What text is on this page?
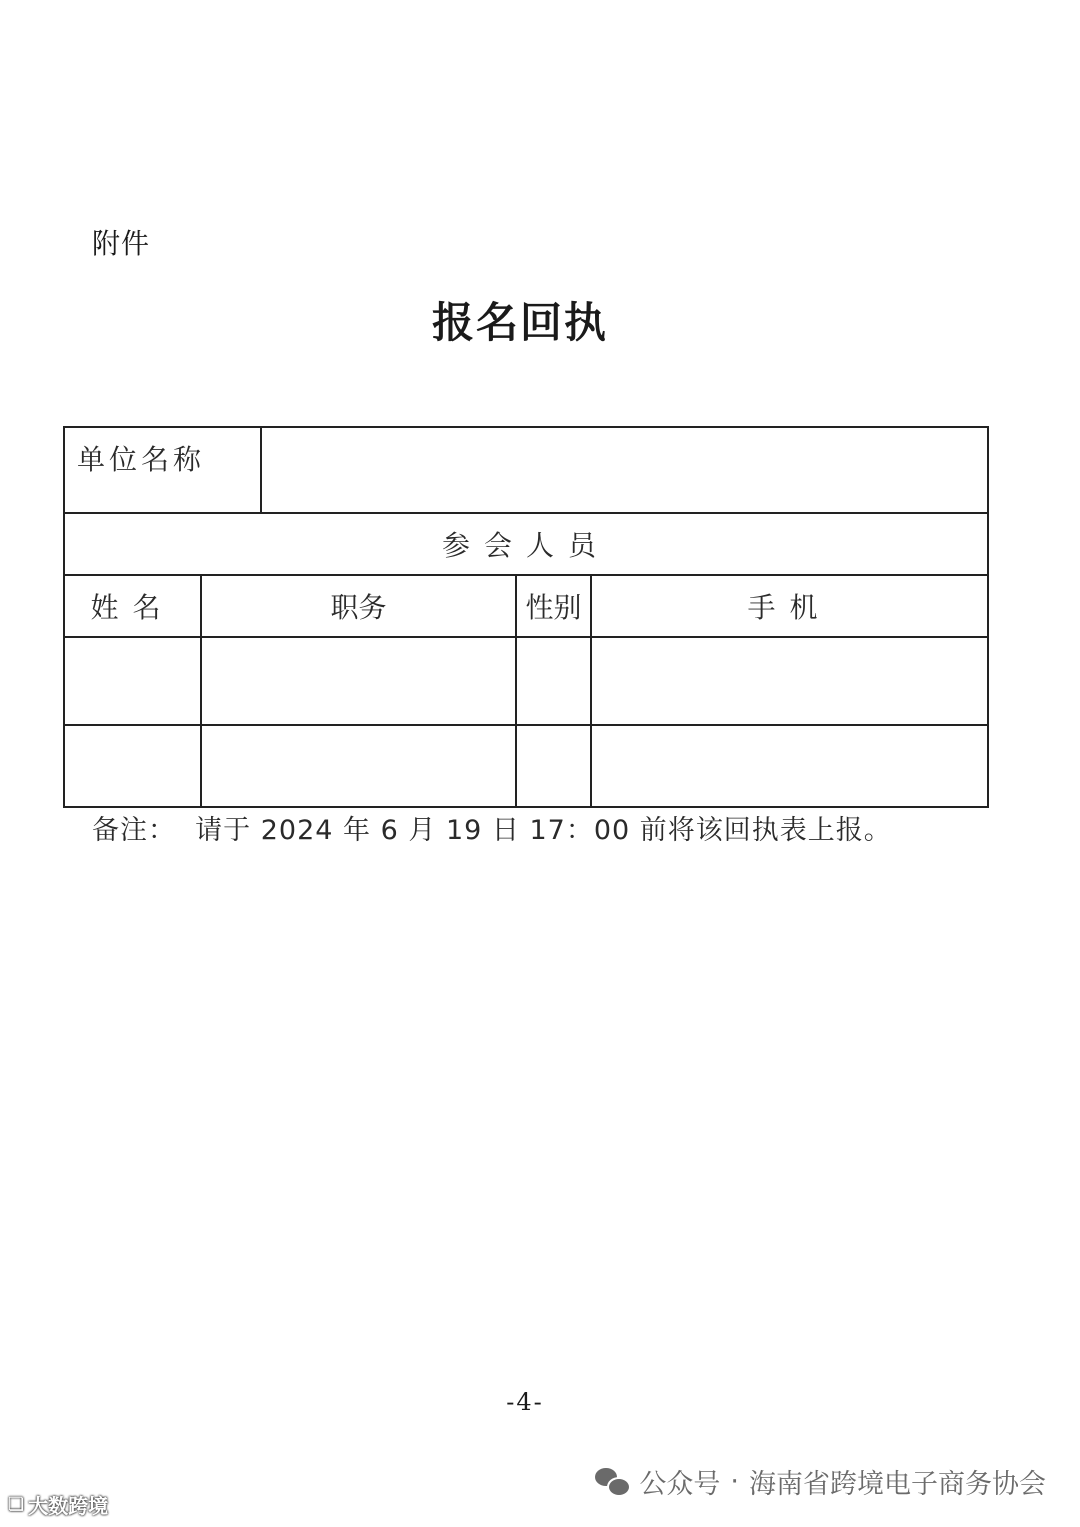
附件
报名回执
单位名称				
参会人员				
姓名	职务		性别	手机

备注：  请于 2024 年 6 月 19 日 17：00 前将该回执表上报。
-4-
❏ 大数跨境
公众号 · 海南省跨境电子商务协会
